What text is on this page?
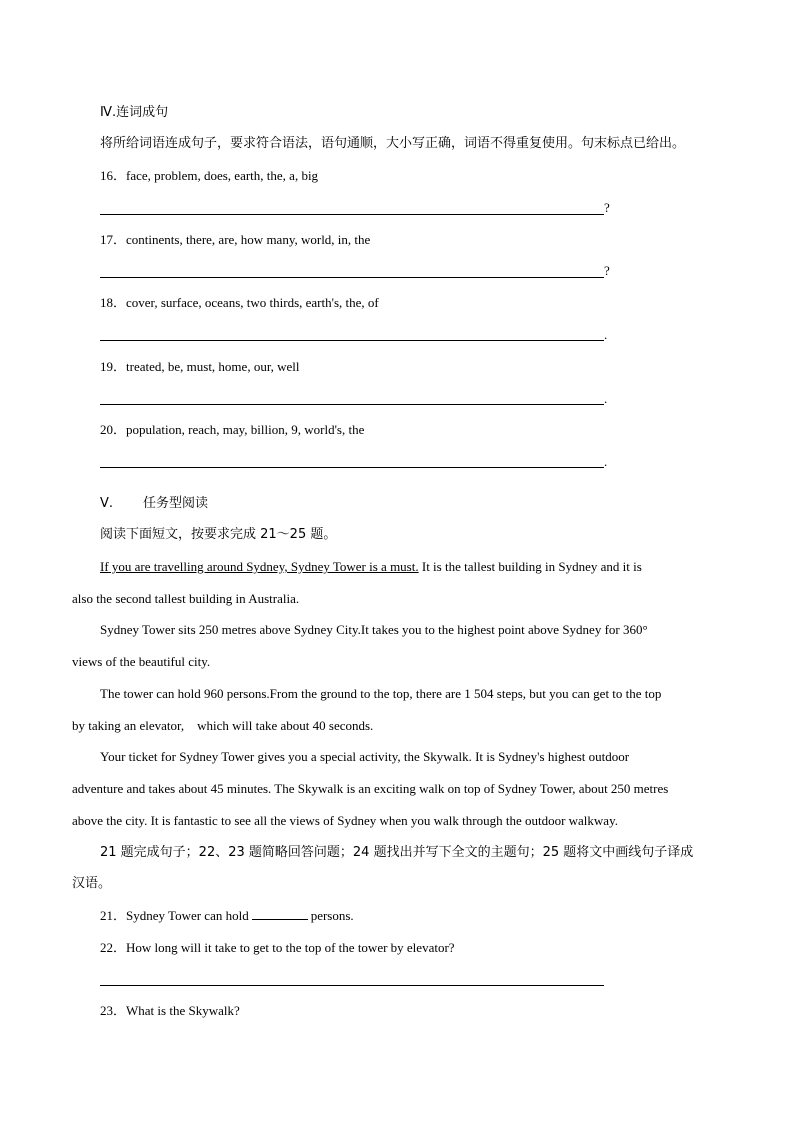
Ⅳ.连词成句
将所给词语连成句子，要求符合语法，语句通顺，大小写正确，词语不得重复使用。句末标点已给出。
16．face, problem, does, earth, the, a, big
?
17．continents, there, are, how many, world, in, the
?
18．cover, surface, oceans, two thirds, earth's, the, of
.
19．treated, be, must, home, our, well
.
20．population, reach, may, billion, 9, world's, the
.
Ⅴ. 任务型阅读
阅读下面短文，按要求完成 21～25 题。
If you are travelling around Sydney, Sydney Tower is a must. It is the tallest building in Sydney and it is
also the second tallest building in Australia.
Sydney Tower sits 250 metres above Sydney City.It takes you to the highest point above Sydney for 360°
views of the beautiful city.
The tower can hold 960 persons.From the ground to the top, there are 1 504 steps, but you can get to the top
by taking an elevator,    which will take about 40 seconds.
Your ticket for Sydney Tower gives you a special activity, the Skywalk. It is Sydney's highest outdoor
adventure and takes about 45 minutes. The Skywalk is an exciting walk on top of Sydney Tower, about 250 metres
above the city. It is fantastic to see all the views of Sydney when you walk through the outdoor walkway.
21 题完成句子；22、23 题简略回答问题；24 题找出并写下全文的主题句；25 题将文中画线句子译成
汉语。
21．Sydney Tower can hold	persons.
22．How long will it take to get to the top of the tower by elevator?
23．What is the Skywalk?
